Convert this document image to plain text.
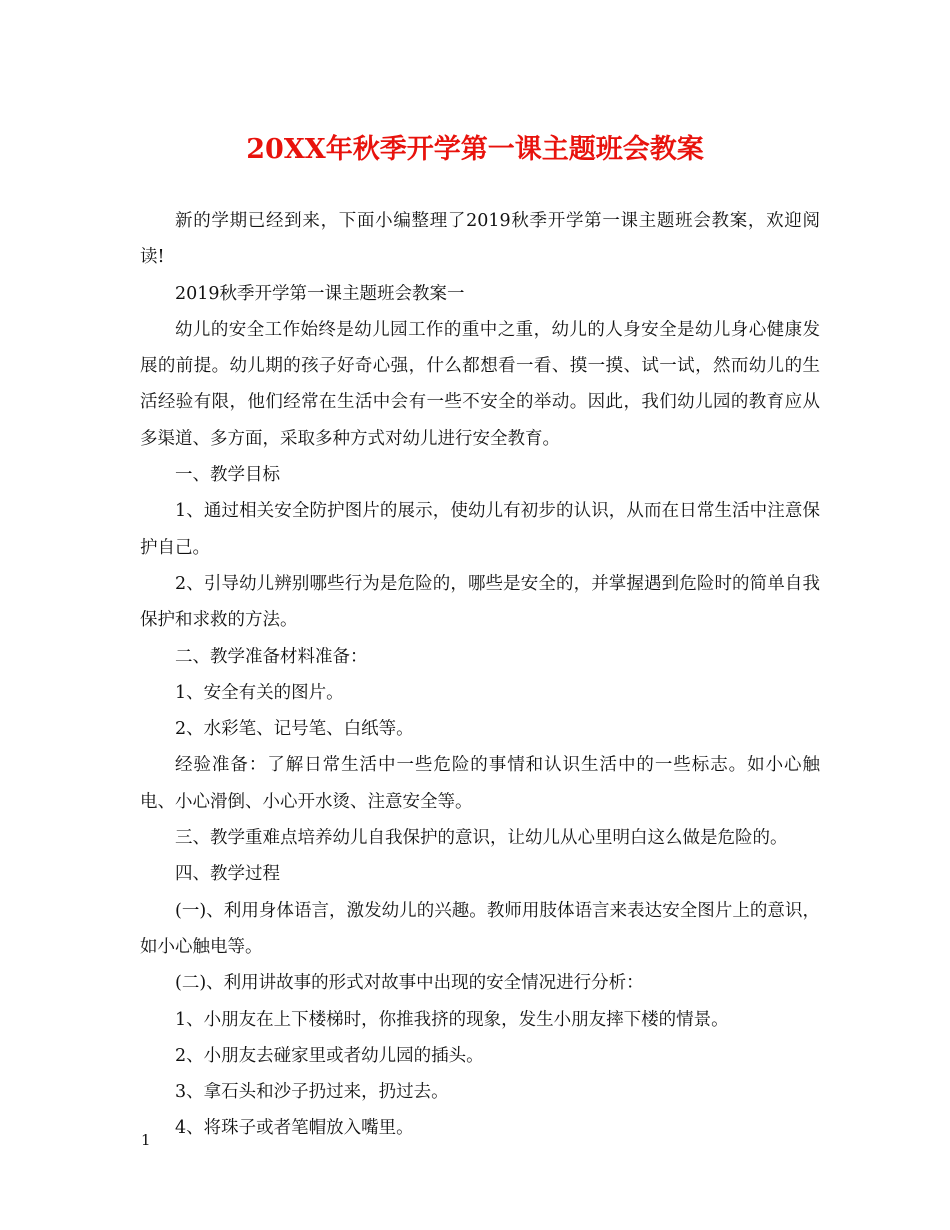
20XX年秋季开学第一课主题班会教案

新的学期已经到来，下面小编整理了2019秋季开学第一课主题班会教案，欢迎阅读!

2019秋季开学第一课主题班会教案一

幼儿的安全工作始终是幼儿园工作的重中之重，幼儿的人身安全是幼儿身心健康发展的前提。幼儿期的孩子好奇心强，什么都想看一看、摸一摸、试一试，然而幼儿的生活经验有限，他们经常在生活中会有一些不安全的举动。因此，我们幼儿园的教育应从多渠道、多方面，采取多种方式对幼儿进行安全教育。

一、教学目标

1、通过相关安全防护图片的展示，使幼儿有初步的认识，从而在日常生活中注意保护自己。

2、引导幼儿辨别哪些行为是危险的，哪些是安全的，并掌握遇到危险时的简单自我保护和求救的方法。

二、教学准备材料准备：

1、安全有关的图片。

2、水彩笔、记号笔、白纸等。

经验准备：了解日常生活中一些危险的事情和认识生活中的一些标志。如小心触电、小心滑倒、小心开水烫、注意安全等。

三、教学重难点培养幼儿自我保护的意识，让幼儿从心里明白这么做是危险的。

四、教学过程

(一)、利用身体语言，激发幼儿的兴趣。教师用肢体语言来表达安全图片上的意识，如小心触电等。

(二)、利用讲故事的形式对故事中出现的安全情况进行分析：

1、小朋友在上下楼梯时，你推我挤的现象，发生小朋友摔下楼的情景。

2、小朋友去碰家里或者幼儿园的插头。

3、拿石头和沙子扔过来，扔过去。

4、将珠子或者笔帽放入嘴里。

1
